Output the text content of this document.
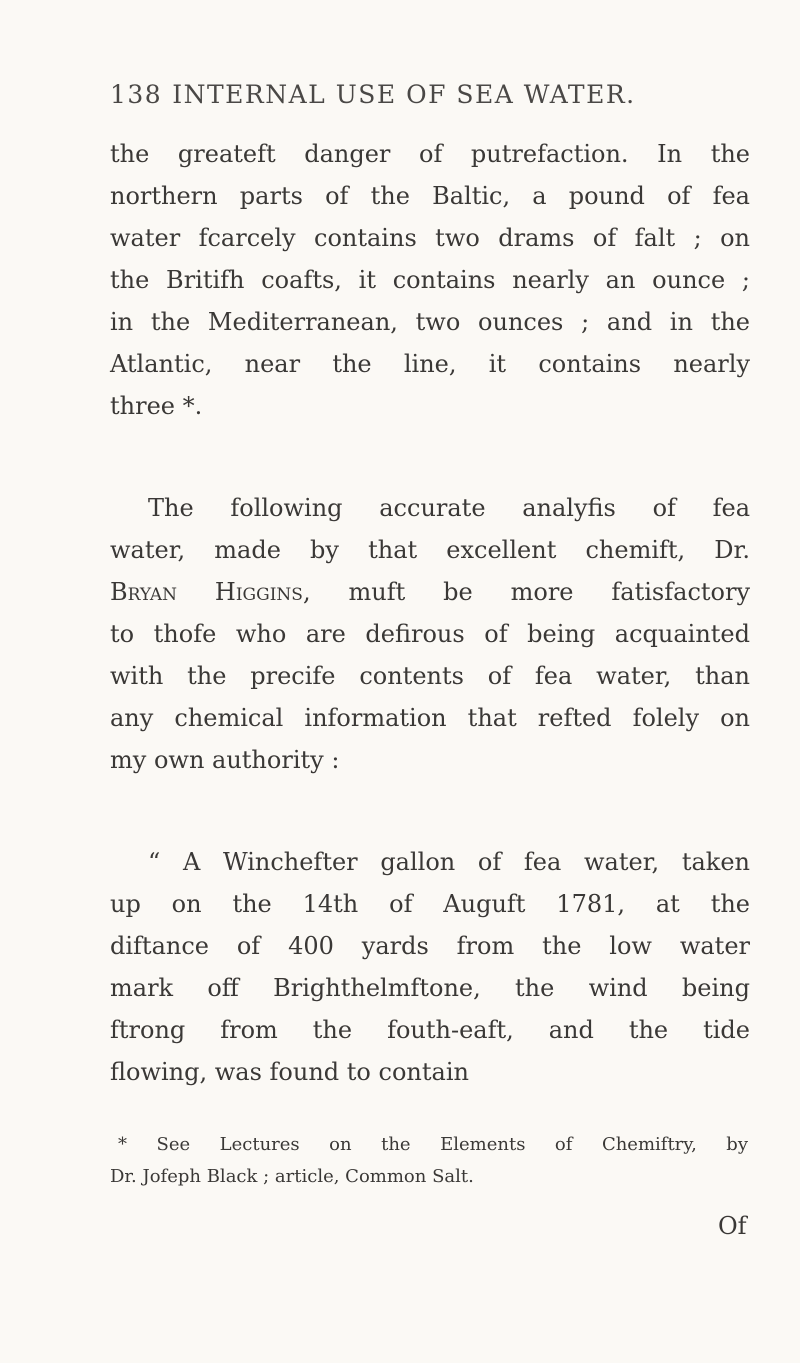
138 INTERNAL USE OF SEA WATER.
the greateft danger of putrefaction. In the
northern parts of the Baltic, a pound of fea
water fcarcely contains two drams of falt ; on
the Britifh coafts, it contains nearly an ounce ;
in the Mediterranean, two ounces ; and in the
Atlantic, near the line, it contains nearly
three *.
The following accurate analyfis of fea
water, made by that excellent chemift, Dr.
Bryan Higgins, muft be more fatisfactory
to thofe who are defirous of being acquainted
with the precife contents of fea water, than
any chemical information that refted folely on
my own authority :
“ A Winchefter gallon of fea water, taken
up on the 14th of Auguft 1781, at the
diftance of 400 yards from the low water
mark off Brighthelmftone, the wind being
ftrong from the fouth-eaft, and the tide
flowing, was found to contain
* See Lectures on the Elements of Chemiftry, by
Dr. Jofeph Black ; article, Common Salt.
Of
